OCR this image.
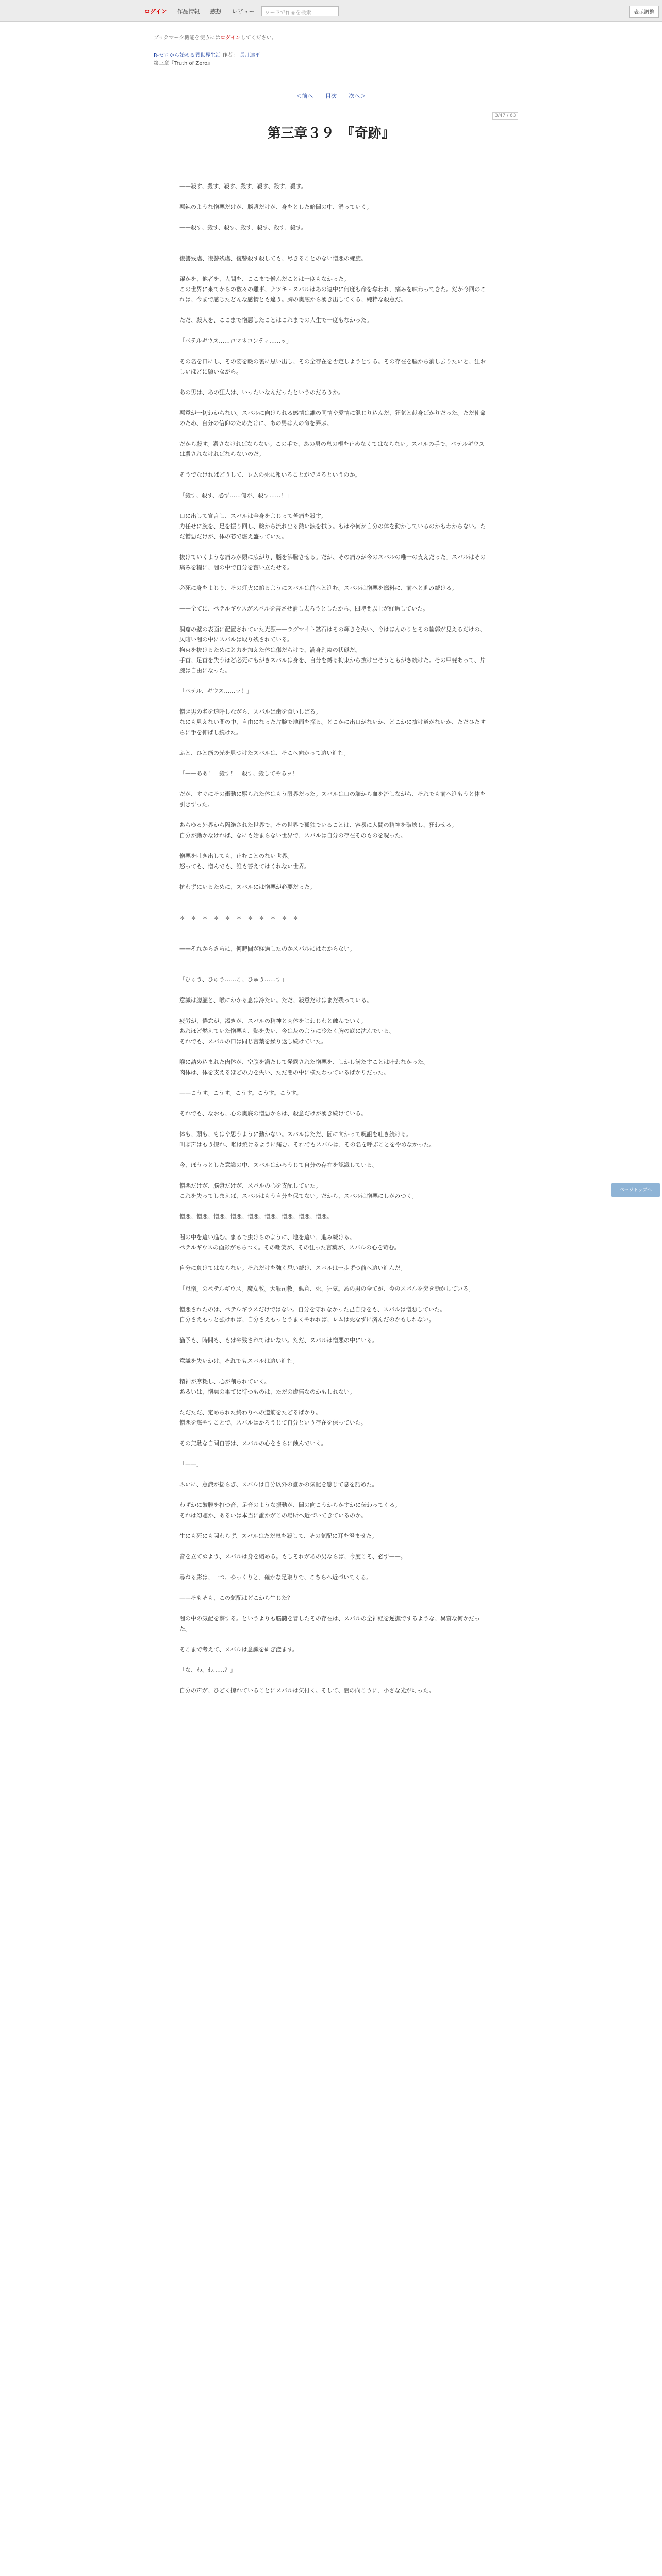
ログイン	作品情報	感想	レビュー	ワードで作品を検索	表示調整
ブックマーク機能を使うにはログインしてください。
R-ゼロから始める異世界生活 作者： 長月達平
第三章『Truth of Zero』
＜前へ 目次 次へ＞
3/47 / 63
第三章３９　『奇跡』

——殺す、殺す、殺す、殺す、殺す、殺す、殺す。

悪辣のような憎悪だけが、脳漿だけが、身をとした暗闇の中、渦っていく。

——殺す、殺す、殺す、殺す、殺す、殺す、殺す。

復讐残虐、復讐残虐、復讐殺す殺しても、尽きることのない憎悪の螺旋。

躍かを、他者を、人間を、ここまで憎んだことは一度もなかった。

この世界に来てからの数々の難事、ナツキ・スバルはあの連中に何度も命を奪われ、痛みを味わってきた。だが今回のこれは、今まで感じたどんな感情とも違う。胸の奥底から湧き出してくる、純粋な殺意だ。

ただ、殺人を、ここまで憎悪したことはこれまでの人生で一度もなかった。

「ペテルギウス……ロマネコンティ……ッ」

その名を口にし、その姿を瞼の裏に思い出し、その全存在を否定しようとする。その存在を脳から消し去りたいと、狂おしいほどに願いながら。

あの男は、あの狂人は、いったいなんだったというのだろうか。

悪意が一切わからない。スバルに向けられる感情は誰の同情や愛情に混じり込んだ、狂気と献身ばかりだった。ただ使命のため、自分の信仰のためだけに、あの男は人の命を弄ぶ。

だから殺す。殺さなければならない。この手で、あの男の息の根を止めなくてはならない。スバルの手で、ペテルギウスは殺されなければならないのだ。

そうでなければどうして、レムの死に報いることができるというのか。

「殺す、殺す、必ず……俺が、殺す……！」

口に出して宣言し、スバルは全身をよじって苦痛を殺す。

力任せに腕を、足を振り回し、瞼から流れ出る熱い涙を拭う。もはや何が自分の体を動かしているのかもわからない。ただ憎悪だけが、体の芯で燃え盛っていた。

抜けていくような痛みが頭に広がり、脳を沸騰させる。だが、その痛みが今のスバルの唯一の支えだった。スバルはその痛みを糧に、闇の中で自分を奮い立たせる。

必死に身をよじり、その灯火に縋るようにスバルは前へと進む。スバルは憎悪を燃料に、前へと進み続ける。

——全てに、ペテルギウスがスバルを害させ消し去ろうとしたから、四時間以上が経過していた。

洞窟の壁の表面に配置されていた光源——ラグマイト鉱石はその輝きを失い、今はほんのりとその輪郭が見えるだけの、仄暗い闇の中にスバルは取り残されている。

拘束を抜けるためにと力を加えた体は傷だらけで、満身創痍の状態だ。

手首、足首を失うほど必死にもがきスバルは身を、自分を縛る拘束から抜け出そうともがき続けた。その甲斐あって、片腕は自由になった。

「ペテル、ギウス……ッ！」

憎き男の名を連呼しながら、スバルは歯を食いしばる。

なにも見えない闇の中、自由になった片腕で地面を探る。どこかに出口がないか、どこかに抜け道がないか、ただひたすらに手を伸ばし続けた。

ふと、ひと筋の光を見つけたスバルは、そこへ向かって這い進む。

「——ああ！　殺す！　殺す、殺してやるッ！」

だが、すぐにその衝動に駆られた体はもう限界だった。スバルは口の端から血を流しながら、それでも前へ進もうと体を引きずった。

あらゆる外界から隔絶された世界で、その世界で孤独でいることは、容易に人間の精神を破壊し、狂わせる。

自分が動かなければ、なにも始まらない世界で、スバルは自分の存在そのものを呪った。

憎悪を吐き出しても、止むことのない世界。

怒っても、憎んでも、誰も答えてはくれない世界。

抗わずにいるために、スバルには憎悪が必要だった。

＊　＊　＊　＊　＊　＊　＊　＊　＊　＊　＊

——それからさらに、何時間が経過したのかスバルにはわからない。

「ひゅう、ひゅう……こ、ひゅう……す」

意識は朦朧と、喉にかかる息は冷たい。ただ、殺意だけはまだ残っている。

疲労が、倦怠が、渇きが、スバルの精神と肉体をじわじわと蝕んでいく。

あれほど燃えていた憎悪も、熱を失い、今は灰のように冷たく胸の底に沈んでいる。

それでも、スバルの口は同じ言葉を繰り返し続けていた。

喉に詰め込まれた肉体が、空腹を満たして発露された憎悪を、しかし満たすことは叶わなかった。

肉体は、体を支えるほどの力を失い、ただ闇の中に横たわっているばかりだった。

——こうす。こうす。こうす。こうす。こうす。

それでも、なおも、心の奥底の憎悪からは、殺意だけが湧き続けている。

体も、頭も、もはや思うように動かない。スバルはただ、闇に向かって呪詛を吐き続ける。

叫ぶ声はもう擦れ、喉は焼けるように痛む。それでもスバルは、その名を呼ぶことをやめなかった。

今、ぼうっとした意識の中、スバルはかろうじて自分の存在を認識している。

憎悪だけが、脳漿だけが、スバルの心を支配していた。

これを失ってしまえば、スバルはもう自分を保てない。だから、スバルは憎悪にしがみつく。

憎悪、憎悪、憎悪、憎悪、憎悪、憎悪、憎悪、憎悪、憎悪。

闇の中を這い進む。まるで虫けらのように、地を這い、進み続ける。

ペテルギウスの面影がちらつく。その嘲笑が、その狂った言葉が、スバルの心を苛む。

自分に負けてはならない。それだけを強く思い続け、スバルは一歩ずつ前へ這い進んだ。

「怠惰」のペテルギウス。魔女教。大罪司教。悪意、死、狂気。あの男の全てが、今のスバルを突き動かしている。

憎悪されたのは、ペテルギウスだけではない。自分を守れなかった己自身をも、スバルは憎悪していた。

自分さえもっと強ければ、自分さえもっとうまくやれれば、レムは死なずに済んだのかもしれない。

猶予も、時間も、もはや残されてはいない。ただ、スバルは憎悪の中にいる。

意識を失いかけ、それでもスバルは這い進む。

精神が摩耗し、心が削られていく。

あるいは、憎悪の果てに待つものは、ただの虚無なのかもしれない。

ただただ、定められた終わりへの道筋をたどるばかり。

憎悪を燃やすことで、スバルはかろうじて自分という存在を保っていた。

その無駄な自問自答は、スバルの心をさらに蝕んでいく。

「——」

ふいに、意識が揺らぎ、スバルは自分以外の誰かの気配を感じて息を詰めた。

わずかに鼓膜を打つ音、足音のような振動が、闇の向こうからかすかに伝わってくる。

それは幻聴か、あるいは本当に誰かがこの場所へ近づいてきているのか。

生にも死にも関わらず、スバルはただ息を殺して、その気配に耳を澄ませた。

音を立てぬよう、スバルは身を縮める。もしそれがあの男ならば、今度こそ、必ず——。

尋ねる影は、一つ。ゆっくりと、確かな足取りで、こちらへ近づいてくる。

——そもそも、この気配はどこから生じた？

闇の中の気配を察する。というよりも脳髄を冒したその存在は、スバルの全神経を逆撫でするような、異質な何かだった。

そこまで考えて、スバルは意識を研ぎ澄ます。

「な、わ、わ……？」

自分の声が、ひどく掠れていることにスバルは気付く。そして、闇の向こうに、小さな光が灯った。

ページトップへ
